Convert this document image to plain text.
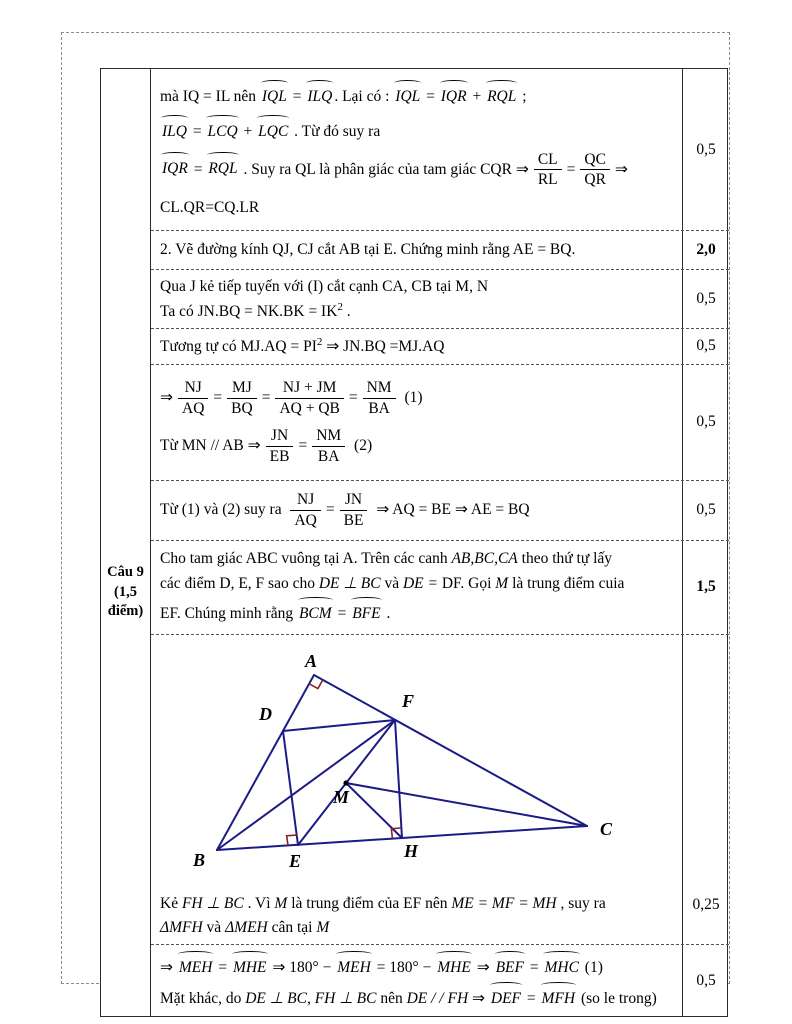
Câu 9
(1,5
điểm)
mà IQ = IL nên IQL = ILQ . Lại có : IQL = IQR + RQL ;
ILQ = LCQ + LQC . Từ đó suy ra
IQR = RQL . Suy ra QL là phân giác của tam giác CQR ⇒ $\frac{CL}{RL} = \frac{QC}{QR}$ ⇒
CL.QR=CQ.LR
0,5
2. Vẽ đường kính QJ, CJ cắt AB tại E. Chứng minh rằng AE = BQ.	2,0
Qua J kẻ tiếp tuyến với (I) cắt cạnh CA, CB tại M, N
Ta có $JN.BQ = NK.BK = IK^2$ .
0,5
Tương tự có $MJ.AQ = PI^2$ ⇒ JN.BQ =MJ.AQ	0,5
⇒ $\frac{NJ}{AQ} = \frac{MJ}{BQ} = \frac{NJ + JM}{AQ + QB} = \frac{NM}{BA} (1)$
Từ MN // AB ⇒ $\frac{JN}{EB} = \frac{NM}{BA} (2)$
0,5
Từ (1) và (2) suy ra $\frac{NJ}{AQ} = \frac{JN}{BE}$ ⇒ AQ = BE ⇒ AE = BQ	0,5
Cho tam giác ABC vuông tại A. Trên các canh AB,BC,CA theo thứ tự lấy
các điểm D, E, F sao cho DE ⊥ BC và DE = DF. Gọi M là trung điểm cuia
EF. Chúng minh rằng BCM = BFE .
1,5
A
B
C
D
F
E	H
M
Kẻ FH ⊥ BC . Vì M là trung điểm của EF nên ME = MF = MH , suy ra
ΔMFH và ΔMEH cân tại M
0,25
⇒ MEH = MHE ⇒ 180° − MEH = 180° − MHE ⇒ BEF = MHC (1)
Mặt khác, do DE ⊥ BC, FH ⊥ BC nên DE / / FH ⇒ DEF = MFH (so le trong)
0,5
